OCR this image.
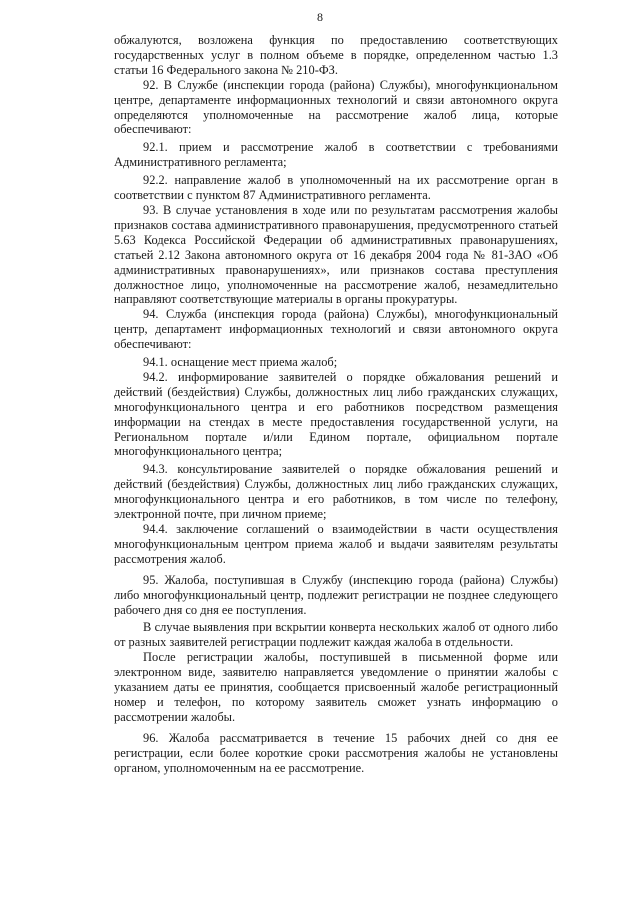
8

обжалуются, возложена функция по предоставлению соответствующих государственных услуг в полном объеме в порядке, определенном частью 1.3 статьи 16 Федерального закона № 210-ФЗ.

92. В Службе (инспекции города (района) Службы), многофункциональном центре, департаменте информационных технологий и связи автономного округа определяются уполномоченные на рассмотрение жалоб лица, которые обеспечивают:

92.1. прием и рассмотрение жалоб в соответствии с требованиями Административного регламента;

92.2. направление жалоб в уполномоченный на их рассмотрение орган в соответствии с пунктом 87 Административного регламента.

93. В случае установления в ходе или по результатам рассмотрения жалобы признаков состава административного правонарушения, предусмотренного статьей 5.63 Кодекса Российской Федерации об административных правонарушениях, статьей 2.12 Закона автономного округа от 16 декабря 2004 года № 81-ЗАО «Об административных правонарушениях», или признаков состава преступления должностное лицо, уполномоченные на рассмотрение жалоб, незамедлительно направляют соответствующие материалы в органы прокуратуры.

94. Служба (инспекция города (района) Службы), многофункциональный центр, департамент информационных технологий и связи автономного округа обеспечивают:

94.1. оснащение мест приема жалоб;

94.2. информирование заявителей о порядке обжалования решений и действий (бездействия) Службы, должностных лиц либо гражданских служащих, многофункционального центра и его работников посредством размещения информации на стендах в месте предоставления государственной услуги, на Региональном портале и/или Едином портале, официальном портале многофункционального центра;

94.3. консультирование заявителей о порядке обжалования решений и действий (бездействия) Службы, должностных лиц либо гражданских служащих, многофункционального центра и его работников, в том числе по телефону, электронной почте, при личном приеме;

94.4. заключение соглашений о взаимодействии в части осуществления многофункциональным центром приема жалоб и выдачи заявителям результаты рассмотрения жалоб.

95. Жалоба, поступившая в Службу (инспекцию города (района) Службы) либо многофункциональный центр, подлежит регистрации не позднее следующего рабочего дня со дня ее поступления.

В случае выявления при вскрытии конверта нескольких жалоб от одного либо от разных заявителей регистрации подлежит каждая жалоба в отдельности.

После регистрации жалобы, поступившей в письменной форме или электронном виде, заявителю направляется уведомление о принятии жалобы с указанием даты ее принятия, сообщается присвоенный жалобе регистрационный номер и телефон, по которому заявитель сможет узнать информацию о рассмотрении жалобы.

96. Жалоба рассматривается в течение 15 рабочих дней со дня ее регистрации, если более короткие сроки рассмотрения жалобы не установлены органом, уполномоченным на ее рассмотрение.
